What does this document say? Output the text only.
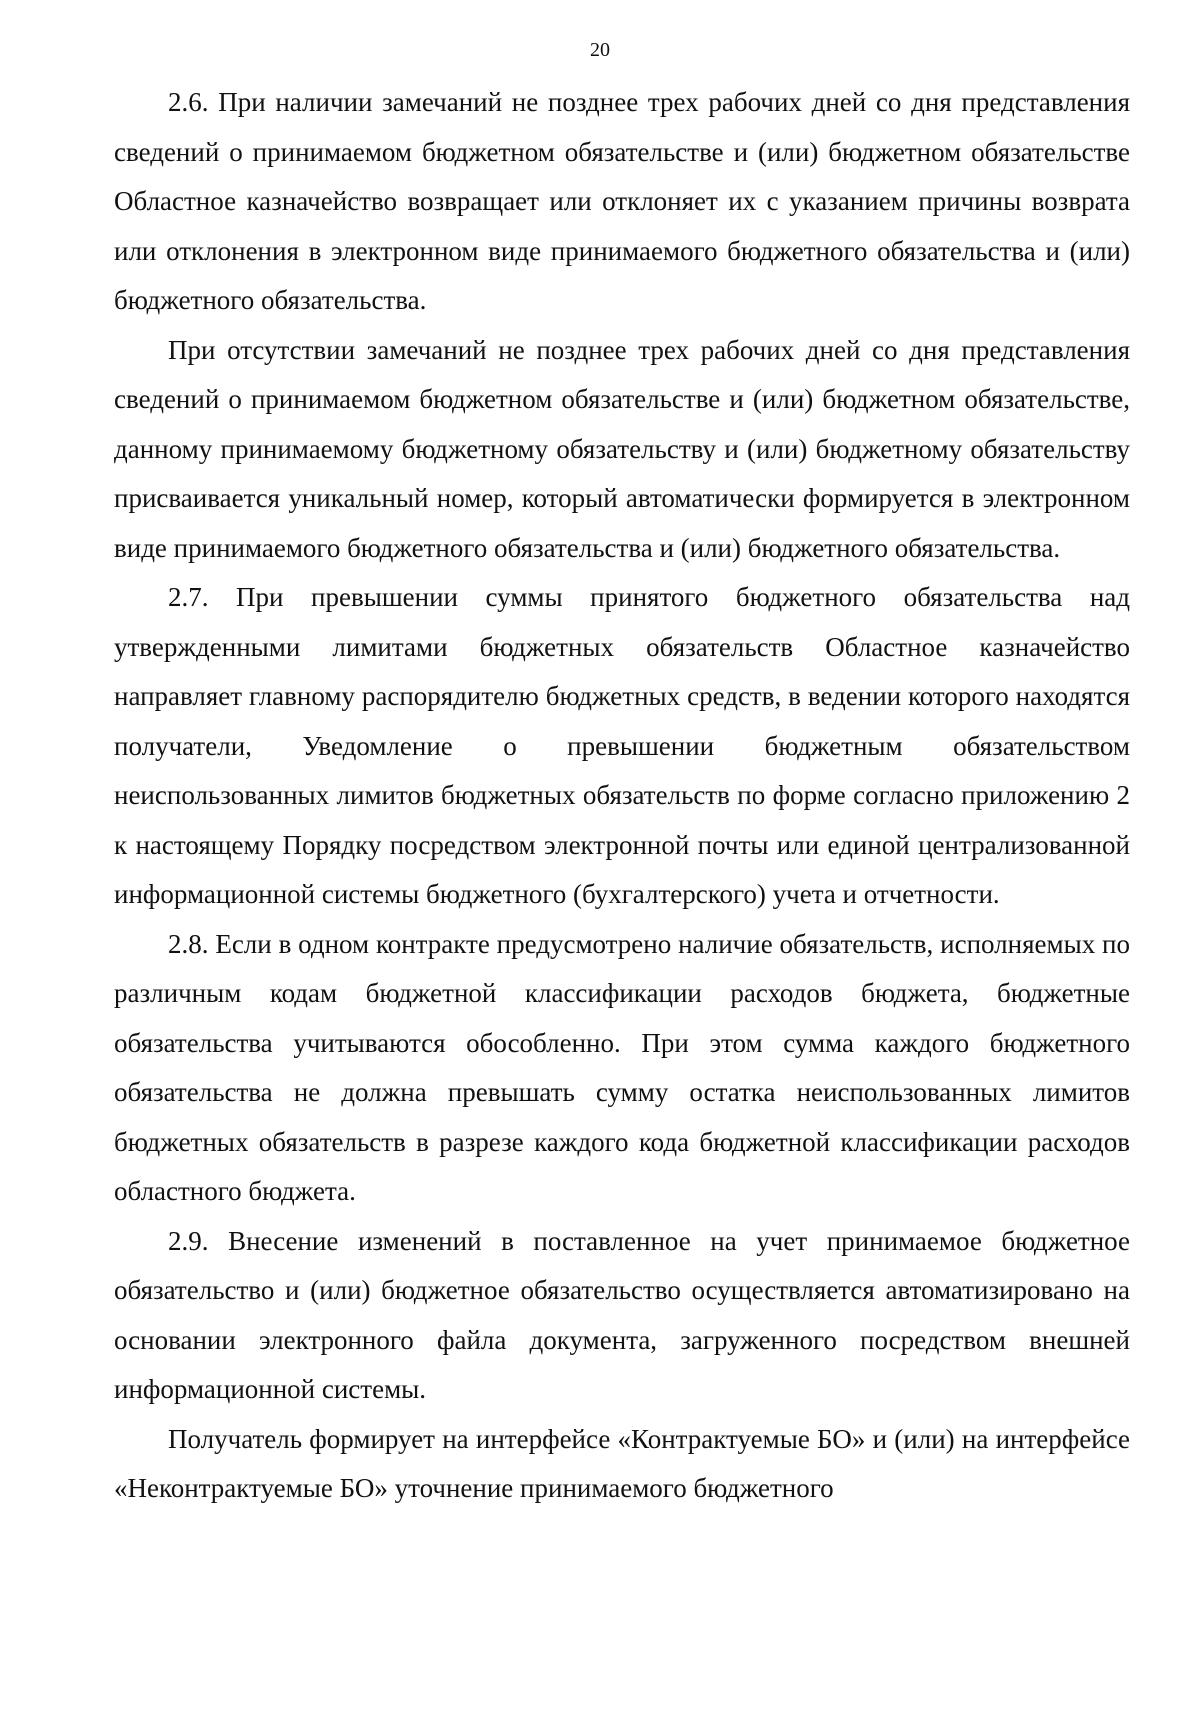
20

2.6. При наличии замечаний не позднее трех рабочих дней со дня представления сведений о принимаемом бюджетном обязательстве и (или) бюджетном обязательстве Областное казначейство возвращает или отклоняет их с указанием причины возврата или отклонения в электронном виде принимаемого бюджетного обязательства и (или) бюджетного обязательства.

При отсутствии замечаний не позднее трех рабочих дней со дня представления сведений о принимаемом бюджетном обязательстве и (или) бюджетном обязательстве, данному принимаемому бюджетному обязательству и (или) бюджетному обязательству присваивается уникальный номер, который автоматически формируется в электронном виде принимаемого бюджетного обязательства и (или) бюджетного обязательства.

2.7. При превышении суммы принятого бюджетного обязательства над утвержденными лимитами бюджетных обязательств Областное казначейство направляет главному распорядителю бюджетных средств, в ведении которого находятся получатели, Уведомление о превышении бюджетным обязательством неиспользованных лимитов бюджетных обязательств по форме согласно приложению 2 к настоящему Порядку посредством электронной почты или единой централизованной информационной системы бюджетного (бухгалтерского) учета и отчетности.

2.8. Если в одном контракте предусмотрено наличие обязательств, исполняемых по различным кодам бюджетной классификации расходов бюджета, бюджетные обязательства учитываются обособленно. При этом сумма каждого бюджетного обязательства не должна превышать сумму остатка неиспользованных лимитов бюджетных обязательств в разрезе каждого кода бюджетной классификации расходов областного бюджета.

2.9. Внесение изменений в поставленное на учет принимаемое бюджетное обязательство и (или) бюджетное обязательство осуществляется автоматизировано на основании электронного файла документа, загруженного посредством внешней информационной системы.

Получатель формирует на интерфейсе «Контрактуемые БО» и (или) на интерфейсе «Неконтрактуемые БО» уточнение принимаемого бюджетного
